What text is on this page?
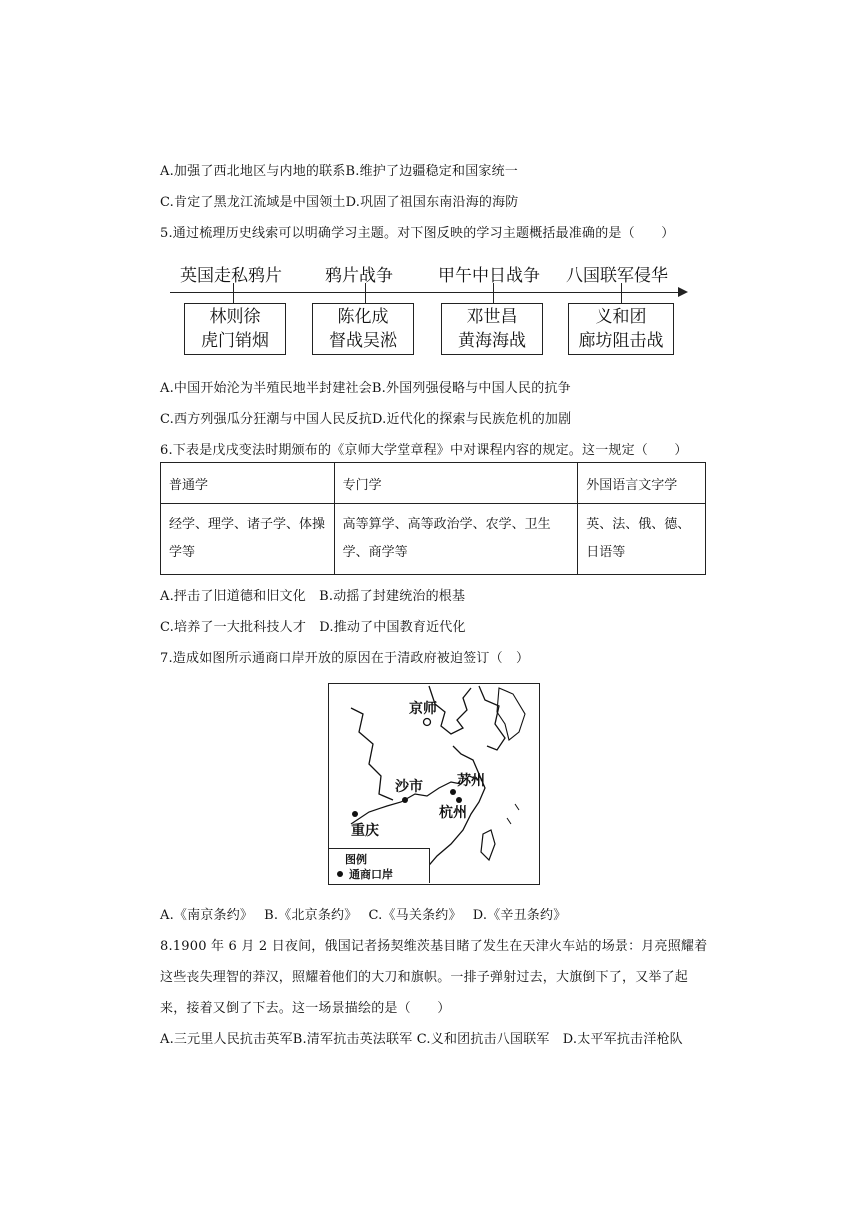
A.加强了西北地区与内地的联系B.维护了边疆稳定和国家统一
C.肯定了黑龙江流域是中国领土D.巩固了祖国东南沿海的海防
5.通过梳理历史线索可以明确学习主题。对下图反映的学习主题概括最准确的是（　　）
英国走私鸦片	鸦片战争	甲午中日战争 八国联军侵华
林则徐
虎门销烟
陈化成
督战吴淞
邓世昌
黄海海战
义和团
廊坊阻击战
A.中国开始沦为半殖民地半封建社会B.外国列强侵略与中国人民的抗争
C.西方列强瓜分狂潮与中国人民反抗D.近代化的探索与民族危机的加剧
6.下表是戊戌变法时期颁布的《京师大学堂章程》中对课程内容的规定。这一规定（　　）
普通学	专门学	外国语言文字学
经学、理学、诸子学、体操学等	高等算学、高等政治学、农学、卫生学、商学等	英、法、俄、德、日语等
A.抨击了旧道德和旧文化　B.动摇了封建统治的根基
C.培养了一大批科技人才　D.推动了中国教育近代化
7.造成如图所示通商口岸开放的原因在于清政府被迫签订（　）
京师
苏州
沙市
杭州
重庆
图例
通商口岸
A.《南京条约》　 B.《北京条约》　 C.《马关条约》　 D.《辛丑条约》
8.1900 年 6 月 2 日夜间，俄国记者扬契维茨基目睹了发生在天津火车站的场景：月亮照耀着
这些丧失理智的莽汉，照耀着他们的大刀和旗帜。一排子弹射过去，大旗倒下了，又举了起
来，接着又倒了下去。这一场景描绘的是（　　）
A.三元里人民抗击英军B.清军抗击英法联军 C.义和团抗击八国联军　D.太平军抗击洋枪队
